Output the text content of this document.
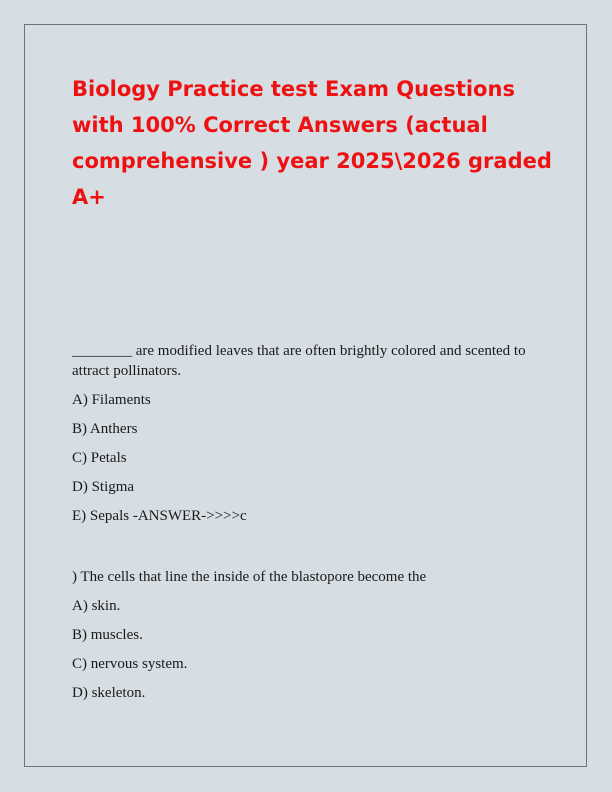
Biology Practice test Exam Questions with 100% Correct Answers (actual comprehensive ) year 2025\2026 graded A+

________ are modified leaves that are often brightly colored and scented to attract pollinators.

A) Filaments
B) Anthers
C) Petals
D) Stigma
E) Sepals -ANSWER->>>>c

) The cells that line the inside of the blastopore become the

A) skin.
B) muscles.
C) nervous system.
D) skeleton.
